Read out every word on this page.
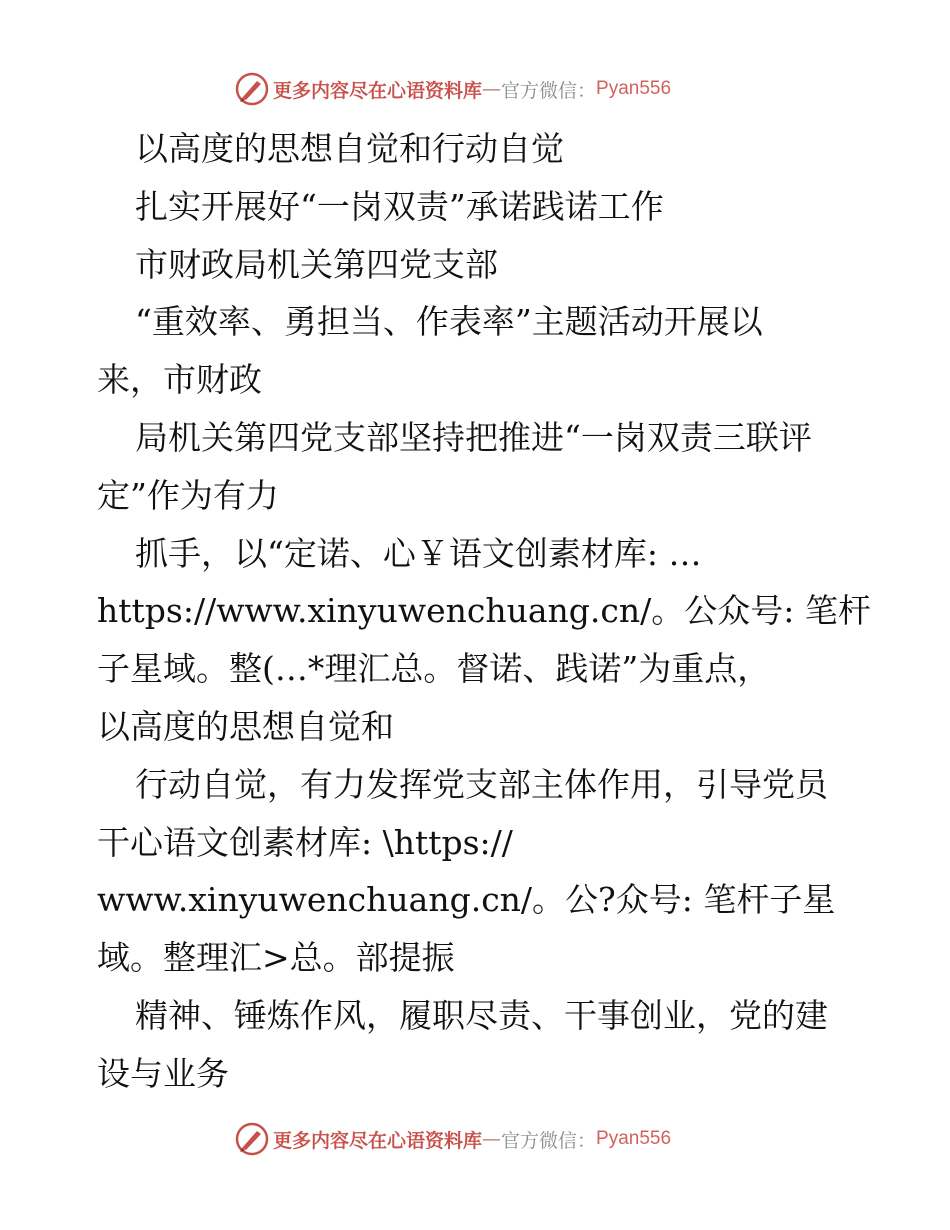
更多内容尽在心语资料库 — 官方微信： Pyan556
以高度的思想自觉和行动自觉
扎实开展好“一岗双责”承诺践诺工作
市财政局机关第四党支部
“重效率、勇担当、作表率”主题活动开展以
来，市财政
局机关第四党支部坚持把推进“一岗双责三联评
定”作为有力
抓手，以“定诺、心￥语文创素材库: …
https://www.xinyuwenchuang.cn/。公众号: 笔杆
子星域。整(…*理汇总。督诺、践诺”为重点，
以高度的思想自觉和
行动自觉，有力发挥党支部主体作用，引导党员
干心语文创素材库: \https://
www.xinyuwenchuang.cn/。公?众号: 笔杆子星
域。整理汇>总。部提振
精神、锤炼作风，履职尽责、干事创业，党的建
设与业务
更多内容尽在心语资料库 — 官方微信： Pyan556
